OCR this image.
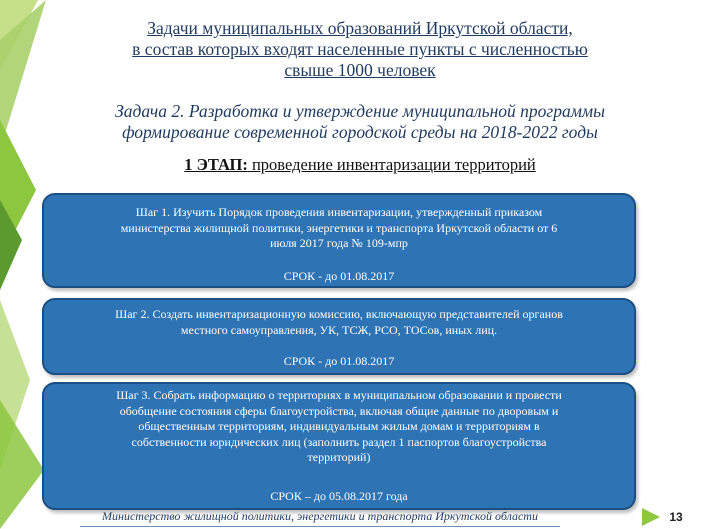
Задачи муниципальных образований Иркутской области,
в состав которых входят населенные пункты с численностью
свыше 1000 человек
Задача 2. Разработка и утверждение муниципальной программы
формирование современной городской среды на 2018-2022 годы
1 ЭТАП: проведение инвентаризации территорий
Шаг 1. Изучить Порядок проведения инвентаризации, утвержденный приказом
министерства жилищной политики, энергетики и транспорта Иркутской области от 6
июля 2017 года № 109-мпр
СРОК - до 01.08.2017
Шаг 2. Создать инвентаризационную комиссию, включающую представителей органов
местного самоуправления, УК, ТСЖ, РСО, ТОСов, иных лиц.
СРОК - до 01.08.2017
Шаг 3. Собрать информацию о территориях в муниципальном образовании и провести
обобщение состояния сферы благоустройства, включая общие данные по дворовым и
общественным территориям, индивидуальным жилым домам и территориям в
собственности юридических лиц (заполнить раздел 1 паспортов благоустройства
территорий)
СРОК – до 05.08.2017 года
Министерство жилищной политики, энергетики и транспорта Иркутской области	13
